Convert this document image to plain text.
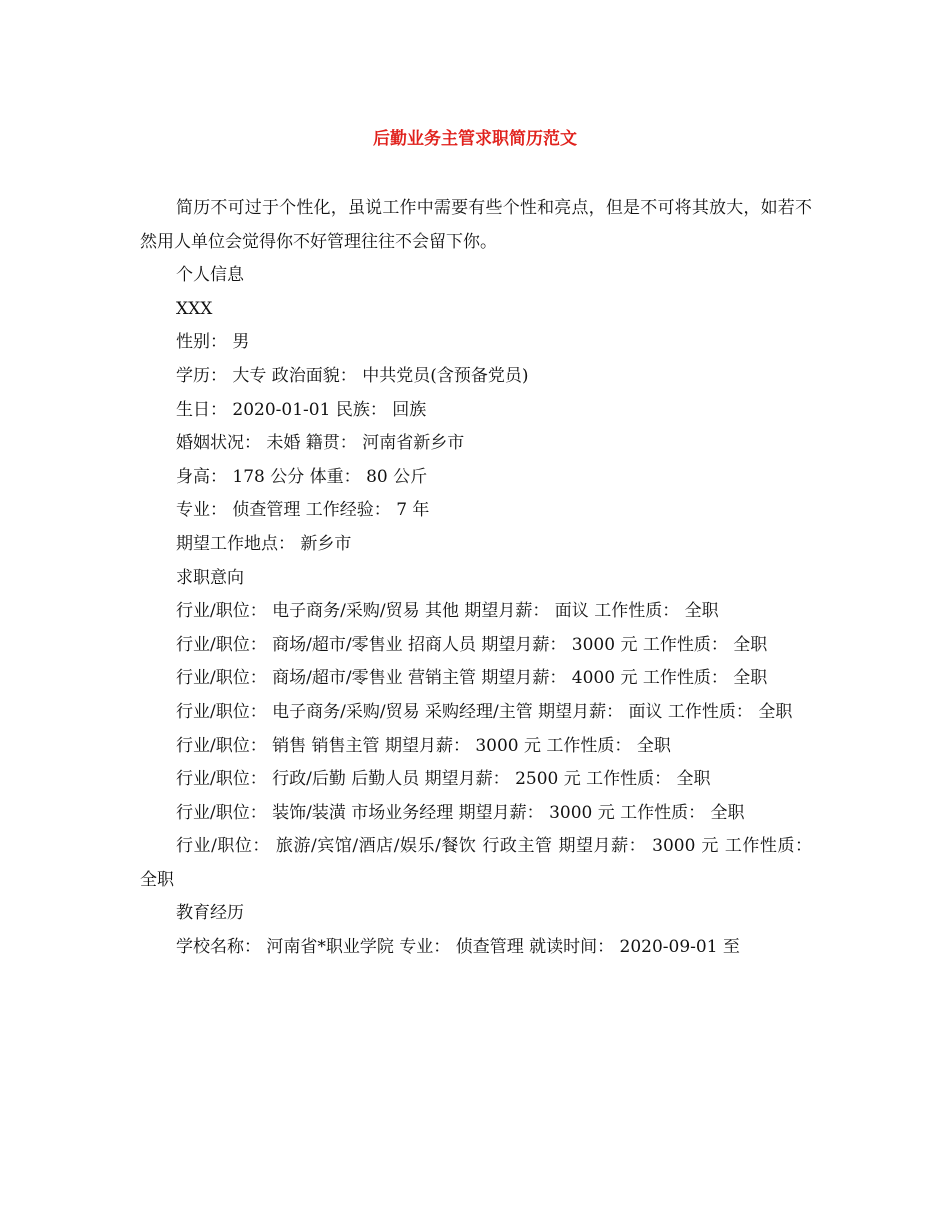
后勤业务主管求职简历范文

简历不可过于个性化，虽说工作中需要有些个性和亮点，但是不可将其放大，如若不然用人单位会觉得你不好管理往往不会留下你。

个人信息

XXX

性别： 男

学历： 大专 政治面貌： 中共党员(含预备党员)

生日： 2020-01-01 民族： 回族

婚姻状况： 未婚 籍贯： 河南省新乡市

身高： 178 公分 体重： 80 公斤

专业： 侦查管理 工作经验： 7 年

期望工作地点： 新乡市

求职意向

行业/职位： 电子商务/采购/贸易 其他 期望月薪： 面议 工作性质： 全职

行业/职位： 商场/超市/零售业 招商人员 期望月薪： 3000 元 工作性质： 全职

行业/职位： 商场/超市/零售业 营销主管 期望月薪： 4000 元 工作性质： 全职

行业/职位： 电子商务/采购/贸易 采购经理/主管 期望月薪： 面议 工作性质： 全职

行业/职位： 销售 销售主管 期望月薪： 3000 元 工作性质： 全职

行业/职位： 行政/后勤 后勤人员 期望月薪： 2500 元 工作性质： 全职

行业/职位： 装饰/装潢 市场业务经理 期望月薪： 3000 元 工作性质： 全职

行业/职位： 旅游/宾馆/酒店/娱乐/餐饮 行政主管 期望月薪： 3000 元 工作性质： 全职

教育经历

学校名称： 河南省*职业学院 专业： 侦查管理 就读时间： 2020-09-01 至
